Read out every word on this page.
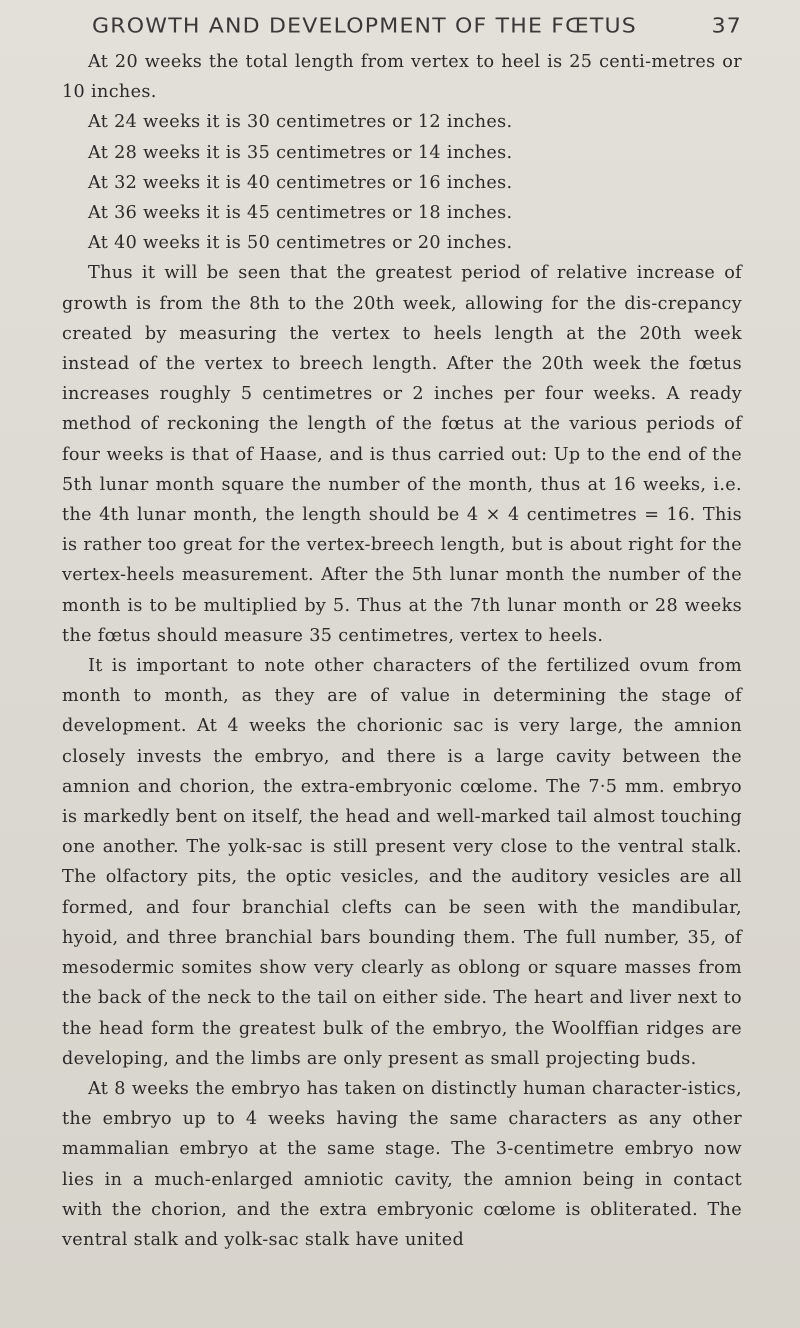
GROWTH AND DEVELOPMENT OF THE FŒTUS	37

At 20 weeks the total length from vertex to heel is 25 centi-metres or 10 inches.

At 24 weeks it is 30 centimetres or 12 inches.

At 28 weeks it is 35 centimetres or 14 inches.

At 32 weeks it is 40 centimetres or 16 inches.

At 36 weeks it is 45 centimetres or 18 inches.

At 40 weeks it is 50 centimetres or 20 inches.

Thus it will be seen that the greatest period of relative increase of growth is from the 8th to the 20th week, allowing for the dis-crepancy created by measuring the vertex to heels length at the 20th week instead of the vertex to breech length. After the 20th week the fœtus increases roughly 5 centimetres or 2 inches per four weeks. A ready method of reckoning the length of the fœtus at the various periods of four weeks is that of Haase, and is thus carried out: Up to the end of the 5th lunar month square the number of the month, thus at 16 weeks, i.e. the 4th lunar month, the length should be 4 × 4 centimetres = 16. This is rather too great for the vertex-breech length, but is about right for the vertex-heels measurement. After the 5th lunar month the number of the month is to be multiplied by 5. Thus at the 7th lunar month or 28 weeks the fœtus should measure 35 centimetres, vertex to heels.

It is important to note other characters of the fertilized ovum from month to month, as they are of value in determining the stage of development. At 4 weeks the chorionic sac is very large, the amnion closely invests the embryo, and there is a large cavity between the amnion and chorion, the extra-embryonic cœlome. The 7·5 mm. embryo is markedly bent on itself, the head and well-marked tail almost touching one another. The yolk-sac is still present very close to the ventral stalk. The olfactory pits, the optic vesicles, and the auditory vesicles are all formed, and four branchial clefts can be seen with the mandibular, hyoid, and three branchial bars bounding them. The full number, 35, of mesodermic somites show very clearly as oblong or square masses from the back of the neck to the tail on either side. The heart and liver next to the head form the greatest bulk of the embryo, the Woolffian ridges are developing, and the limbs are only present as small projecting buds.

At 8 weeks the embryo has taken on distinctly human character-istics, the embryo up to 4 weeks having the same characters as any other mammalian embryo at the same stage. The 3-centimetre embryo now lies in a much-enlarged amniotic cavity, the amnion being in contact with the chorion, and the extra embryonic cœlome is obliterated. The ventral stalk and yolk-sac stalk have united
